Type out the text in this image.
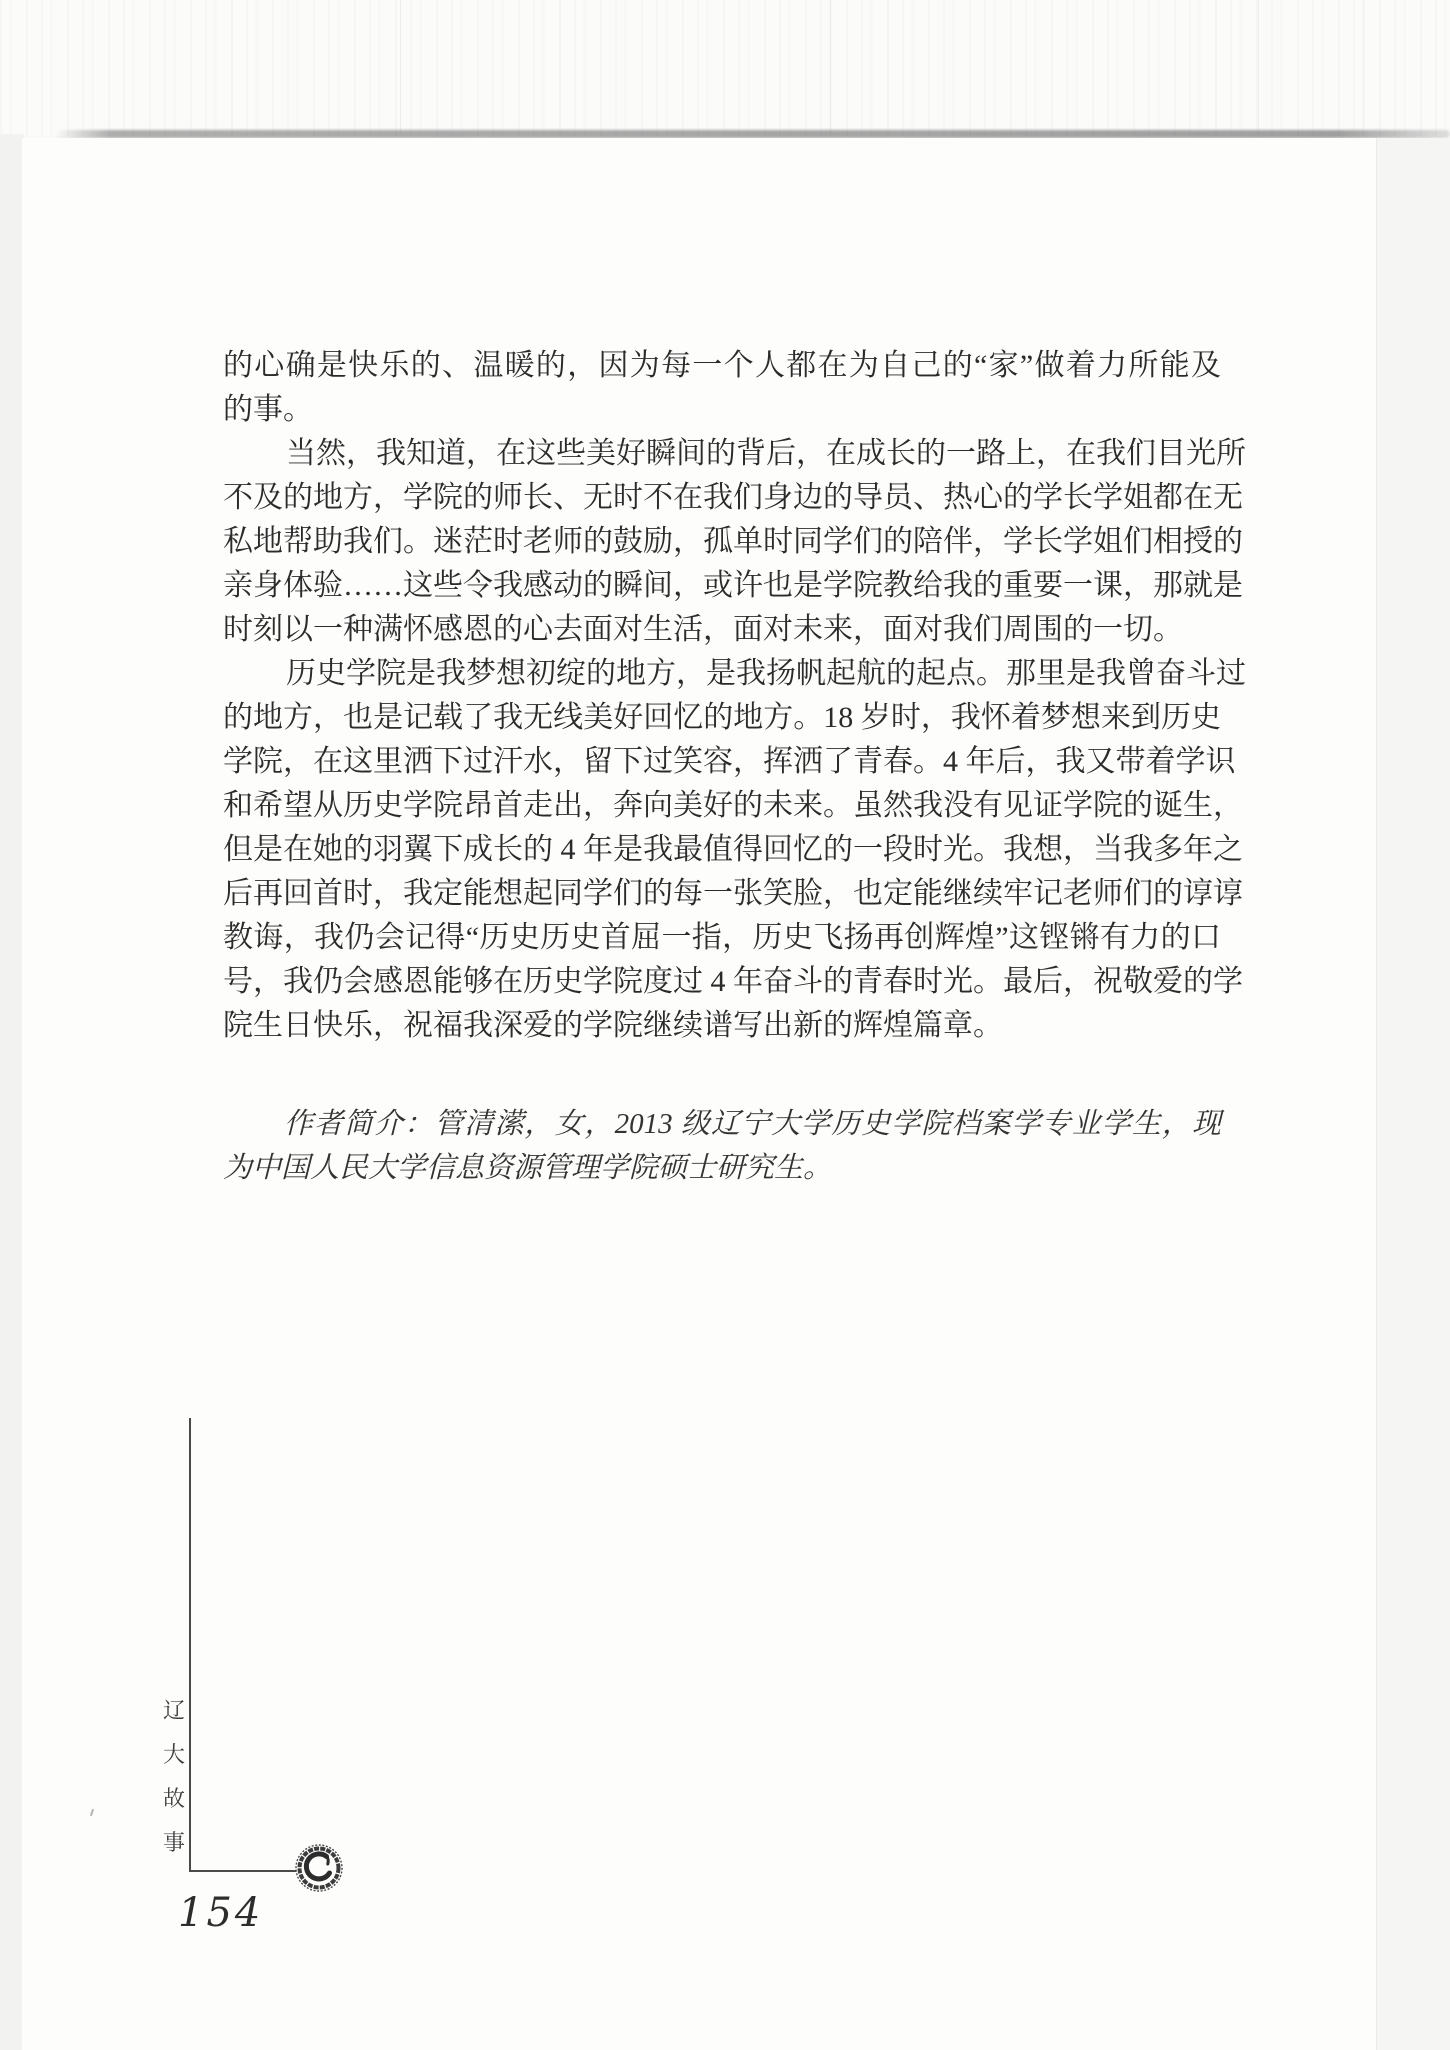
的心确是快乐的、温暖的，因为每一个人都在为自己的“家”做着力所能及
的事。
当然，我知道，在这些美好瞬间的背后，在成长的一路上，在我们目光所
不及的地方，学院的师长、无时不在我们身边的导员、热心的学长学姐都在无
私地帮助我们。迷茫时老师的鼓励，孤单时同学们的陪伴，学长学姐们相授的
亲身体验……这些令我感动的瞬间，或许也是学院教给我的重要一课，那就是
时刻以一种满怀感恩的心去面对生活，面对未来，面对我们周围的一切。
历史学院是我梦想初绽的地方，是我扬帆起航的起点。那里是我曾奋斗过
的地方，也是记载了我无线美好回忆的地方。18 岁时，我怀着梦想来到历史
学院，在这里洒下过汗水，留下过笑容，挥洒了青春。4 年后，我又带着学识
和希望从历史学院昂首走出，奔向美好的未来。虽然我没有见证学院的诞生，
但是在她的羽翼下成长的 4 年是我最值得回忆的一段时光。我想，当我多年之
后再回首时，我定能想起同学们的每一张笑脸，也定能继续牢记老师们的谆谆
教诲，我仍会记得“历史历史首屈一指，历史飞扬再创辉煌”这铿锵有力的口
号，我仍会感恩能够在历史学院度过 4 年奋斗的青春时光。最后，祝敬爱的学
院生日快乐，祝福我深爱的学院继续谱写出新的辉煌篇章。
作者简介：管清潆，女，2013 级辽宁大学历史学院档案学专业学生，现
为中国人民大学信息资源管理学院硕士研究生。
辽
大
故
事
154
